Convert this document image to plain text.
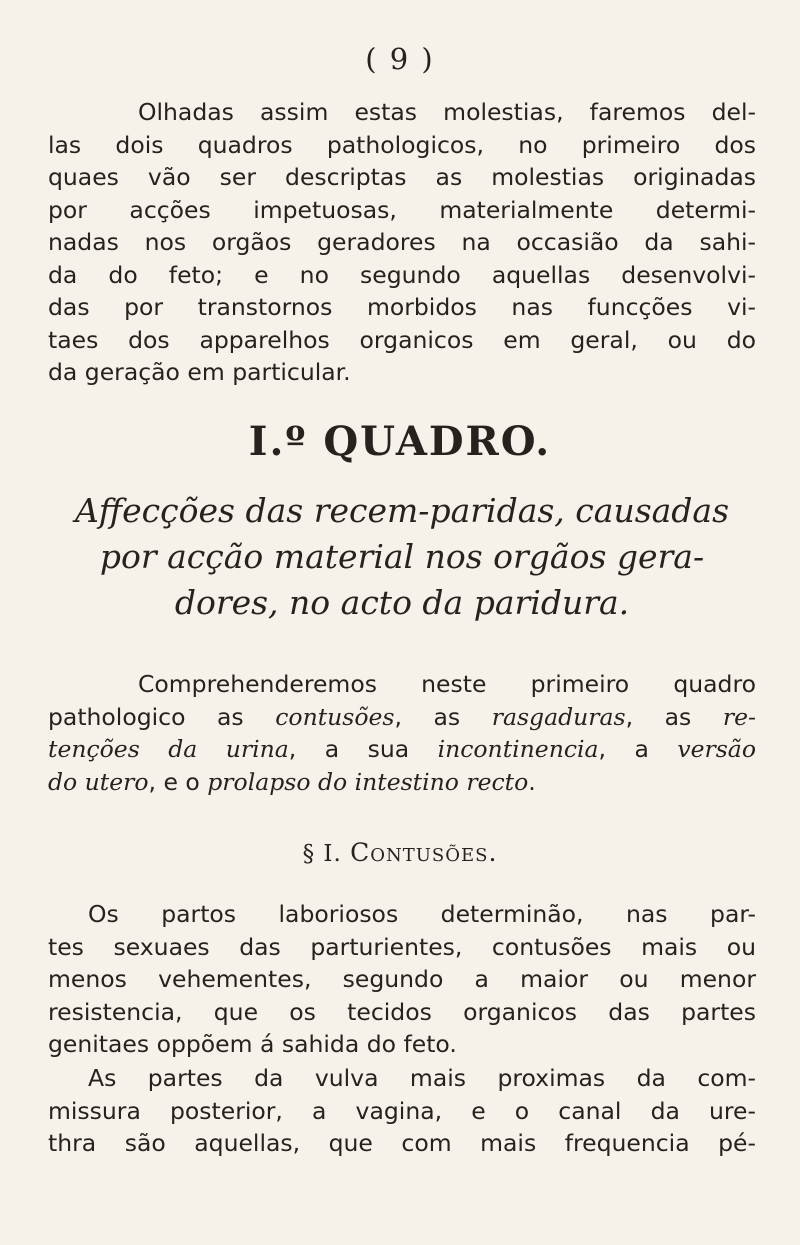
( 9 )
Olhadas assim estas molestias, faremos del-
las dois quadros pathologicos, no primeiro dos
quaes vão ser descriptas as molestias originadas
por acções impetuosas, materialmente determi-
nadas nos orgãos geradores na occasião da sahi-
da do feto; e no segundo aquellas desenvolvi-
das por transtornos morbidos nas funcções vi-
taes dos apparelhos organicos em geral, ou do
da geração em particular.
I.º QUADRO.
Affecções das recem-paridas, causadas
por acção material nos orgãos gera-
dores, no acto da paridura.
Comprehenderemos neste primeiro quadro
pathologico as contusões, as rasgaduras, as re-
tenções da urina, a sua incontinencia, a versão
do utero, e o prolapso do intestino recto.
§ I. Contusões.
Os partos laboriosos determinão, nas par-
tes sexuaes das parturientes, contusões mais ou
menos vehementes, segundo a maior ou menor
resistencia, que os tecidos organicos das partes
genitaes oppõem á sahida do feto.
As partes da vulva mais proximas da com-
missura posterior, a vagina, e o canal da ure-
thra são aquellas, que com mais frequencia pé-
